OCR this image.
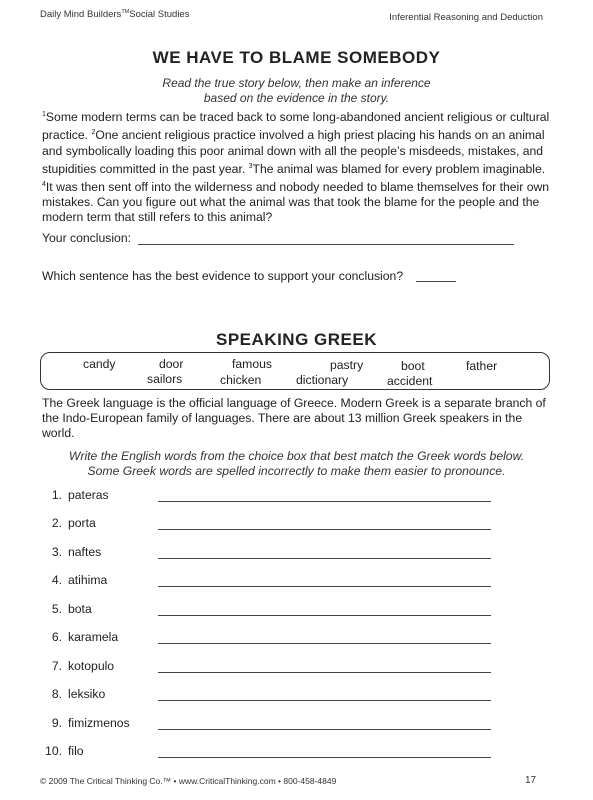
Daily Mind Builders™Social Studies	Inferential Reasoning and Deduction
WE HAVE TO BLAME SOMEBODY
Read the true story below, then make an inference
based on the evidence in the story.
$^1$Some modern terms can be traced back to some long-abandoned ancient religious or cultural practice. $^2$One ancient religious practice involved a high priest placing his hands on an animal and symbolically loading this poor animal down with all the people’s misdeeds, mistakes, and stupidities committed in the past year. $^3$The animal was blamed for every problem imaginable. $^4$It was then sent off into the wilderness and nobody needed to blame themselves for their own mistakes. Can you figure out what the animal was that took the blame for the people and the modern term that still refers to this animal?
Your conclusion:
Which sentence has the best evidence to support your conclusion?
SPEAKING GREEK
candy	door	famous	pastry	boot	father
sailors	chicken	dictionary	accident
The Greek language is the official language of Greece. Modern Greek is a separate branch of the Indo-European family of languages. There are about 13 million Greek speakers in the world.
Write the English words from the choice box that best match the Greek words below.
Some Greek words are spelled incorrectly to make them easier to pronounce.
1. pateras
2. porta
3. naftes
4. atihima
5. bota
6. karamela
7. kotopulo
8. leksiko
9. fimizmenos
10. filo
© 2009 The Critical Thinking Co.™ • www.CriticalThinking.com • 800-458-4849	17
